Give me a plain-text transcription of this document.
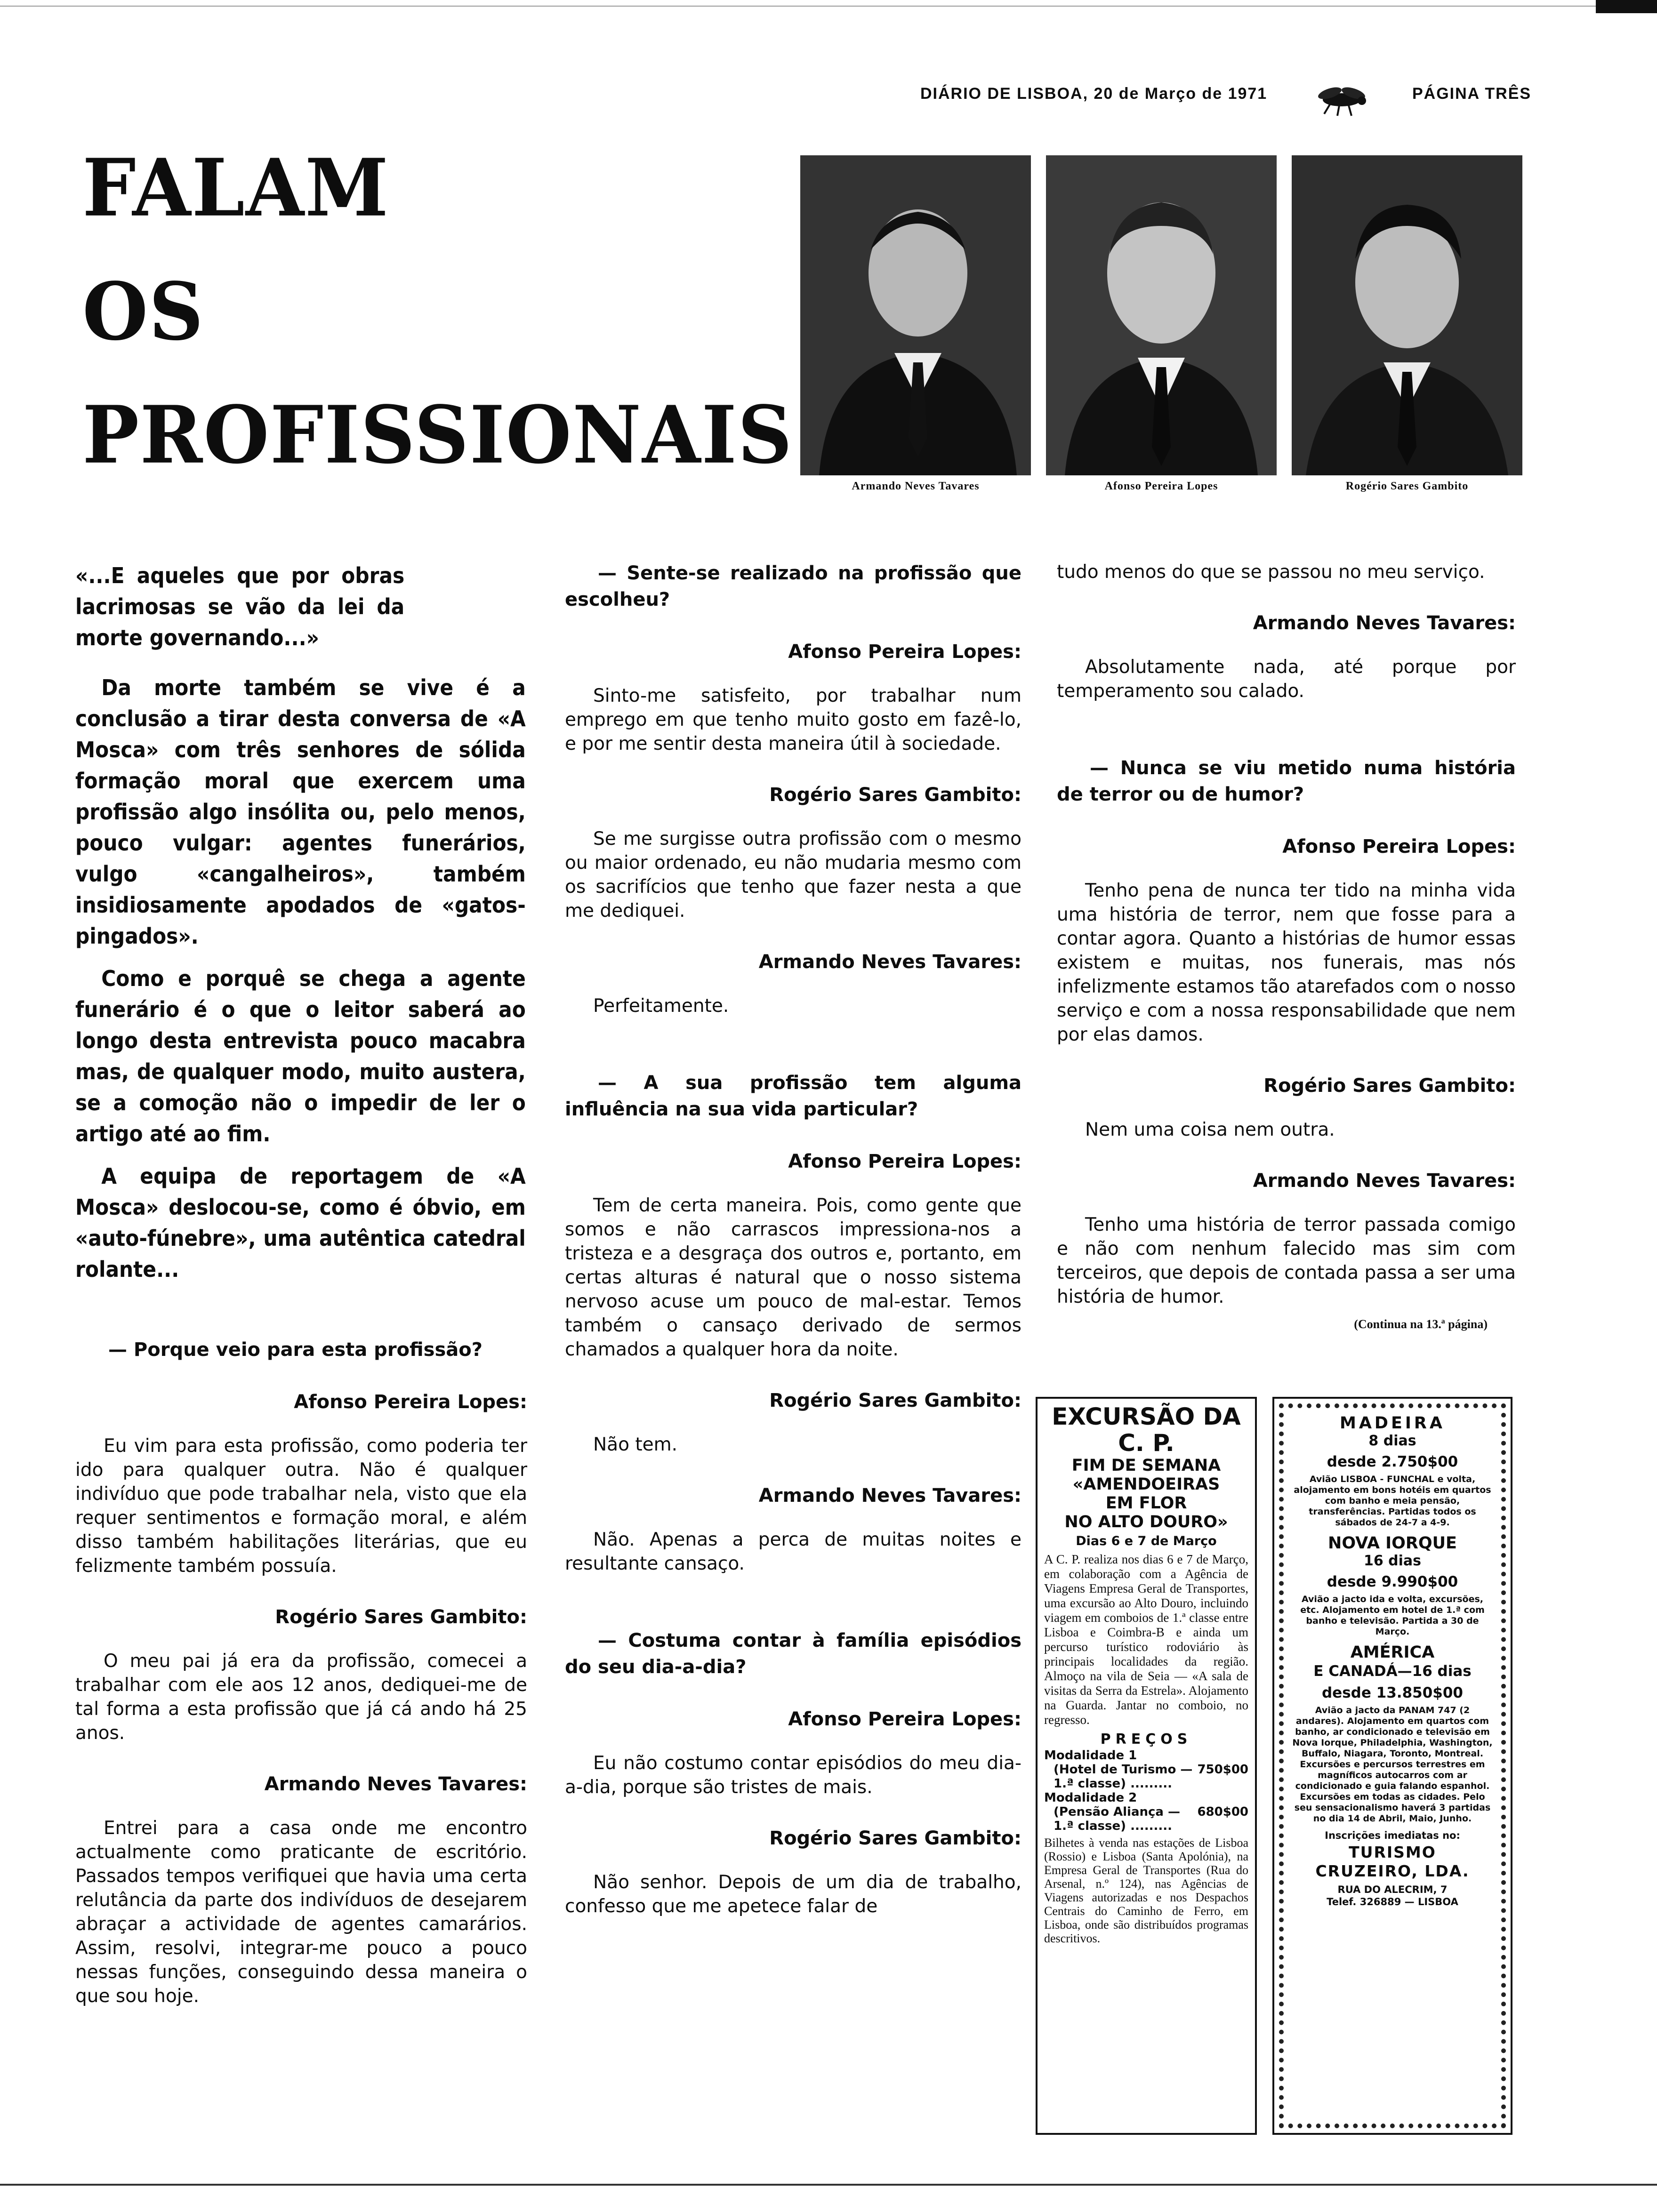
DIÁRIO DE LISBOA, 20 de Março de 1971	PÁGINA TRÊS
FALAM
OS
PROFISSIONAIS
Armando Neves Tavares	Afonso Pereira Lopes	Rogério Sares Gambito

«...E aqueles que por obras lacrimosas se vão da lei da morte governando...»

Da morte também se vive é a conclusão a tirar desta conversa de «A Mosca» com três senhores de sólida formação moral que exercem uma profissão algo insólita ou, pelo menos, pouco vulgar: agentes funerários, vulgo «cangalheiros», também insidiosamente apodados de «gatos-pingados».

Como e porquê se chega a agente funerário é o que o leitor saberá ao longo desta entrevista pouco macabra mas, de qualquer modo, muito austera, se a comoção não o impedir de ler o artigo até ao fim.

A equipa de reportagem de «A Mosca» deslocou-se, como é óbvio, em «auto-fúnebre», uma autêntica catedral rolante...

— Porque veio para esta profissão?

Afonso Pereira Lopes:

Eu vim para esta profissão, como poderia ter ido para qualquer outra. Não é qualquer indivíduo que pode trabalhar nela, visto que ela requer sentimentos e formação moral, e além disso também habilitações literárias, que eu felizmente também possuía.

Rogério Sares Gambito:

O meu pai já era da profissão, comecei a trabalhar com ele aos 12 anos, dediquei-me de tal forma a esta profissão que já cá ando há 25 anos.

Armando Neves Tavares:

Entrei para a casa onde me encontro actualmente como praticante de escritório. Passados tempos verifiquei que havia uma certa relutância da parte dos indivíduos de desejarem abraçar a actividade de agentes camarários. Assim, resolvi, integrar-me pouco a pouco nessas funções, conseguindo dessa maneira o que sou hoje.

— Sente-se realizado na profissão que escolheu?

Afonso Pereira Lopes:

Sinto-me satisfeito, por trabalhar num emprego em que tenho muito gosto em fazê-lo, e por me sentir desta maneira útil à sociedade.

Rogério Sares Gambito:

Se me surgisse outra profissão com o mesmo ou maior ordenado, eu não mudaria mesmo com os sacrifícios que tenho que fazer nesta a que me dediquei.

Armando Neves Tavares:

Perfeitamente.

— A sua profissão tem alguma influência na sua vida particular?

Afonso Pereira Lopes:

Tem de certa maneira. Pois, como gente que somos e não carrascos impressiona-nos a tristeza e a desgraça dos outros e, portanto, em certas alturas é natural que o nosso sistema nervoso acuse um pouco de mal-estar. Temos também o cansaço derivado de sermos chamados a qualquer hora da noite.

Rogério Sares Gambito:

Não tem.

Armando Neves Tavares:

Não. Apenas a perca de muitas noites e resultante cansaço.

— Costuma contar à família episódios do seu dia-a-dia?

Afonso Pereira Lopes:

Eu não costumo contar episódios do meu dia-a-dia, porque são tristes de mais.

Rogério Sares Gambito:

Não senhor. Depois de um dia de trabalho, confesso que me apetece falar de

tudo menos do que se passou no meu serviço.

Armando Neves Tavares:

Absolutamente nada, até porque por temperamento sou calado.

— Nunca se viu metido numa história de terror ou de humor?

Afonso Pereira Lopes:

Tenho pena de nunca ter tido na minha vida uma história de terror, nem que fosse para a contar agora. Quanto a histórias de humor essas existem e muitas, nos funerais, mas nós infelizmente estamos tão atarefados com o nosso serviço e com a nossa responsabilidade que nem por elas damos.

Rogério Sares Gambito:

Nem uma coisa nem outra.

Armando Neves Tavares:

Tenho uma história de terror passada comigo e não com nenhum falecido mas sim com terceiros, que depois de contada passa a ser uma história de humor.

(Continua na 13.ª página)

EXCURSÃO DA C. P.

FIM DE SEMANA

«AMENDOEIRAS

EM FLOR

NO ALTO DOURO»

Dias 6 e 7 de Março

A C. P. realiza nos dias 6 e 7 de Março, em colaboração com a Agência de Viagens Empresa Geral de Transportes, uma excursão ao Alto Douro, incluindo viagem em comboios de 1.ª classe entre Lisboa e Coimbra-B e ainda um percurso turístico rodoviário às principais localidades da região. Almoço na vila de Seia — «A sala de visitas da Serra da Estrela». Alojamento na Guarda. Jantar no comboio, no regresso.

PREÇOS

Modalidade 1

(Hotel de Turismo — 1.ª classe) .........
750$00

Modalidade 2

(Pensão Aliança — 1.ª classe) .........
680$00

Bilhetes à venda nas estações de Lisboa (Rossio) e Lisboa (Santa Apolónia), na Empresa Geral de Transportes (Rua do Arsenal, n.º 124), nas Agências de Viagens autorizadas e nos Despachos Centrais do Caminho de Ferro, em Lisboa, onde são distribuídos programas descritivos.

MADEIRA

8 dias

desde 2.750$00

Avião LISBOA - FUNCHAL e volta, alojamento em bons hotéis em quartos com banho e meia pensão, transferências. Partidas todos os sábados de 24-7 a 4-9.

NOVA IORQUE

16 dias

desde 9.990$00

Avião a jacto ida e volta, excursões, etc. Alojamento em hotel de 1.ª com banho e televisão. Partida a 30 de Março.

AMÉRICA

E CANADÁ—16 dias

desde 13.850$00

Avião a jacto da PANAM 747 (2 andares). Alojamento em quartos com banho, ar condicionado e televisão em Nova Iorque, Philadelphia, Washington, Buffalo, Niagara, Toronto, Montreal. Excursões e percursos terrestres em magníficos autocarros com ar condicionado e guia falando espanhol. Excursões em todas as cidades. Pelo seu sensacionalismo haverá 3 partidas no dia 14 de Abril, Maio, Junho.

Inscrições imediatas no:

TURISMO

CRUZEIRO, LDA.

RUA DO ALECRIM, 7

Telef. 326889 — LISBOA
